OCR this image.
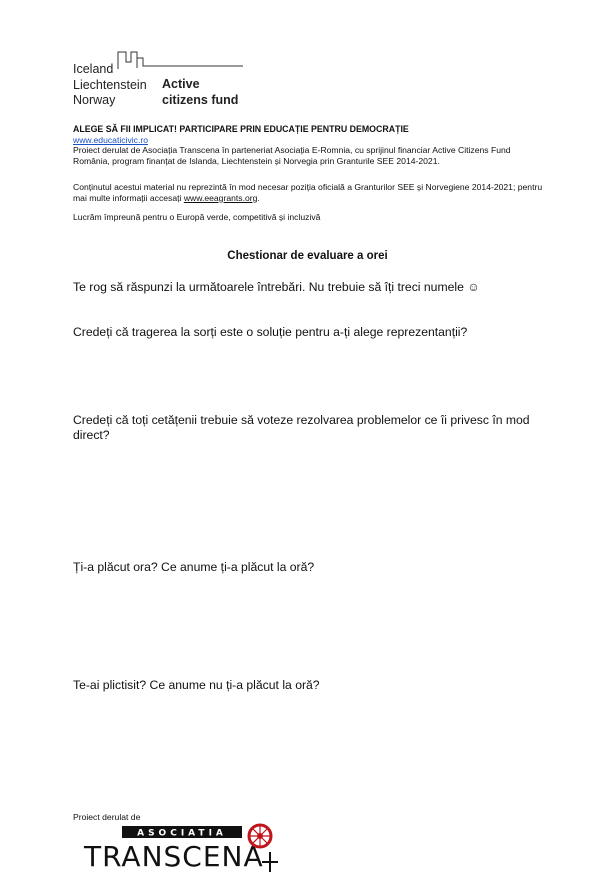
Iceland
Liechtenstein
Norway
Active
citizens fund
ALEGE SĂ FII IMPLICAT! PARTICIPARE PRIN EDUCAȚIE PENTRU DEMOCRAȚIE
www.educaticivic.ro
Proiect derulat de Asociația Transcena în parteneriat Asociația E-Romnia, cu sprijinul financiar Active Citizens Fund România, program finanțat de Islanda, Liechtenstein și Norvegia prin Granturile SEE 2014-2021.
Conținutul acestui material nu reprezintă în mod necesar poziția oficială a Granturilor SEE și Norvegiene 2014-2021; pentru mai multe informații accesați www.eeagrants.org.
Lucrăm împreună pentru o Europă verde, competitivă și incluzivă
Chestionar de evaluare a orei
Te rog să răspunzi la următoarele întrebări. Nu trebuie să îți treci numele ☺
Credeți că tragerea la sorți este o soluție pentru a-ți alege reprezentanții?
Credeți că toți cetățenii trebuie să voteze rezolvarea problemelor ce îi privesc în mod direct?
Ți-a plăcut ora? Ce anume ți-a plăcut la oră?
Te-ai plictisit? Ce anume nu ți-a plăcut la oră?
Proiect derulat de
ASOCIATIA
TRANSCENA
